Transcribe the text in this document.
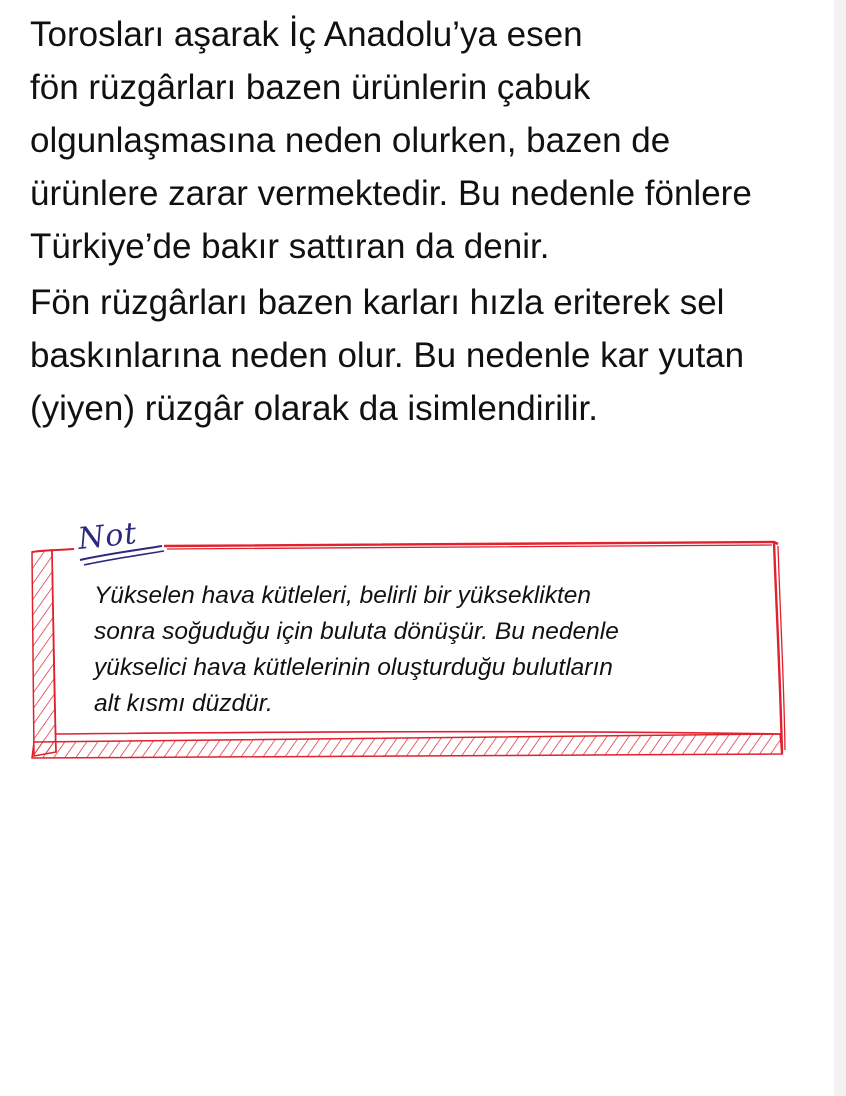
Torosları aşarak İç Anadolu’ya esen
fön rüzgârları bazen ürünlerin çabuk
olgunlaşmasına neden olurken, bazen de
ürünlere zarar vermektedir. Bu nedenle fönlere
Türkiye’de bakır sattıran da denir.
Fön rüzgârları bazen karları hızla eriterek sel
baskınlarına neden olur. Bu nedenle kar yutan
(yiyen) rüzgâr olarak da isimlendirilir.
Not
Yükselen hava kütleleri, belirli bir yükseklikten
sonra soğuduğu için buluta dönüşür. Bu nedenle
yükselici hava kütlelerinin oluşturduğu bulutların
alt kısmı düzdür.
